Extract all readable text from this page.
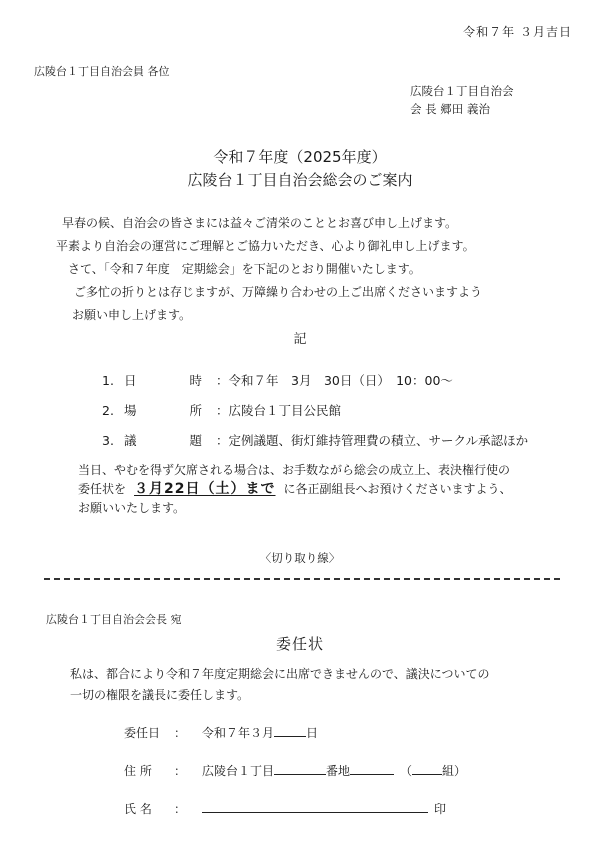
令和７年 ３月吉日
広陵台１丁目自治会員 各位
広陵台１丁目自治会
会 長 郷田 義治
令和７年度（2025年度）
広陵台１丁目自治会総会のご案内

早春の候、自治会の皆さまには益々ご清栄のこととお喜び申し上げます。

平素より自治会の運営にご理解とご協力いただき、心より御礼申し上げます。

さて、「令和７年度　定期総会」を下記のとおり開催いたします。

ご多忙の折りとは存じますが、万障繰り合わせの上ご出席くださいますよう

お願い申し上げます。

記
1. 日	時	：令和７年　3月　30日（日）　10：00～
2. 場	所	：広陵台１丁目公民館
3. 議	題	：定例議題、街灯維持管理費の積立、サークル承認ほか
当日、やむを得ず欠席される場合は、お手数ながら総会の成立上、表決権行使の
委任状を ３月22日（土）まで に各正副組長へお預けくださいますよう、
お願いいたします。
〈切り取り線〉
広陵台１丁目自治会会長 宛
委任状
私は、都合により令和７年度定期総会に出席できませんので、議決についての
一切の権限を議長に委任します。
委任日 ： 令和７年３月	日
住 所 ： 広陵台１丁目	番地	（	組）
氏 名 ：	印
